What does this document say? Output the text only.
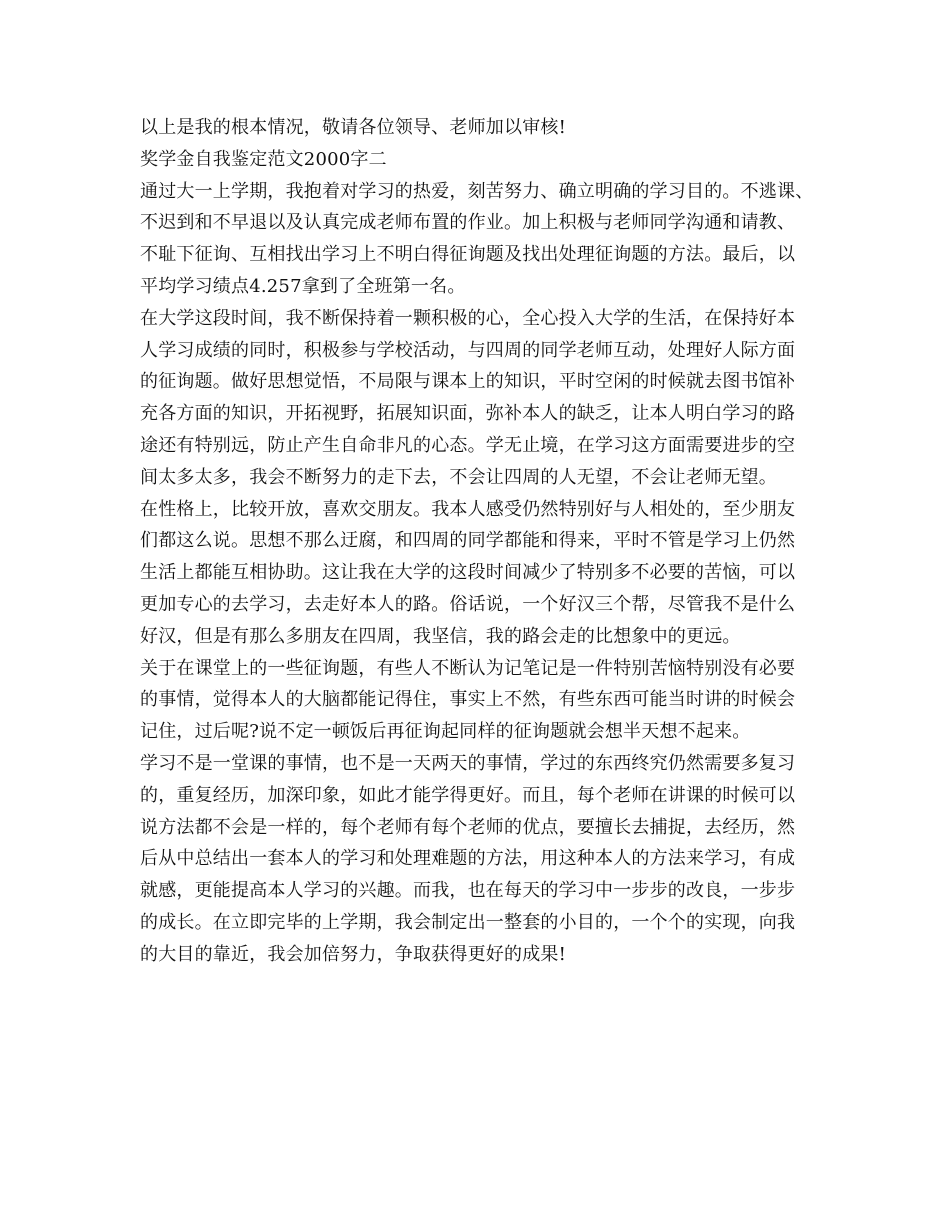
以上是我的根本情况，敬请各位领导、老师加以审核!

奖学金自我鉴定范文2000字二

通过大一上学期，我抱着对学习的热爱，刻苦努力、确立明确的学习目的。不逃课、

不迟到和不早退以及认真完成老师布置的作业。加上积极与老师同学沟通和请教、

不耻下征询、互相找出学习上不明白得征询题及找出处理征询题的方法。最后，以

平均学习绩点4.257拿到了全班第一名。

在大学这段时间，我不断保持着一颗积极的心，全心投入大学的生活，在保持好本

人学习成绩的同时，积极参与学校活动，与四周的同学老师互动，处理好人际方面

的征询题。做好思想觉悟，不局限与课本上的知识，平时空闲的时候就去图书馆补

充各方面的知识，开拓视野，拓展知识面，弥补本人的缺乏，让本人明白学习的路

途还有特别远，防止产生自命非凡的心态。学无止境，在学习这方面需要进步的空

间太多太多，我会不断努力的走下去，不会让四周的人无望，不会让老师无望。

在性格上，比较开放，喜欢交朋友。我本人感受仍然特别好与人相处的，至少朋友

们都这么说。思想不那么迂腐，和四周的同学都能和得来，平时不管是学习上仍然

生活上都能互相协助。这让我在大学的这段时间减少了特别多不必要的苦恼，可以

更加专心的去学习，去走好本人的路。俗话说，一个好汉三个帮，尽管我不是什么

好汉，但是有那么多朋友在四周，我坚信，我的路会走的比想象中的更远。

关于在课堂上的一些征询题，有些人不断认为记笔记是一件特别苦恼特别没有必要

的事情，觉得本人的大脑都能记得住，事实上不然，有些东西可能当时讲的时候会

记住，过后呢?说不定一顿饭后再征询起同样的征询题就会想半天想不起来。

学习不是一堂课的事情，也不是一天两天的事情，学过的东西终究仍然需要多复习

的，重复经历，加深印象，如此才能学得更好。而且，每个老师在讲课的时候可以

说方法都不会是一样的，每个老师有每个老师的优点，要擅长去捕捉，去经历，然

后从中总结出一套本人的学习和处理难题的方法，用这种本人的方法来学习，有成

就感，更能提高本人学习的兴趣。而我，也在每天的学习中一步步的改良，一步步

的成长。在立即完毕的上学期，我会制定出一整套的小目的，一个个的实现，向我

的大目的靠近，我会加倍努力，争取获得更好的成果!
